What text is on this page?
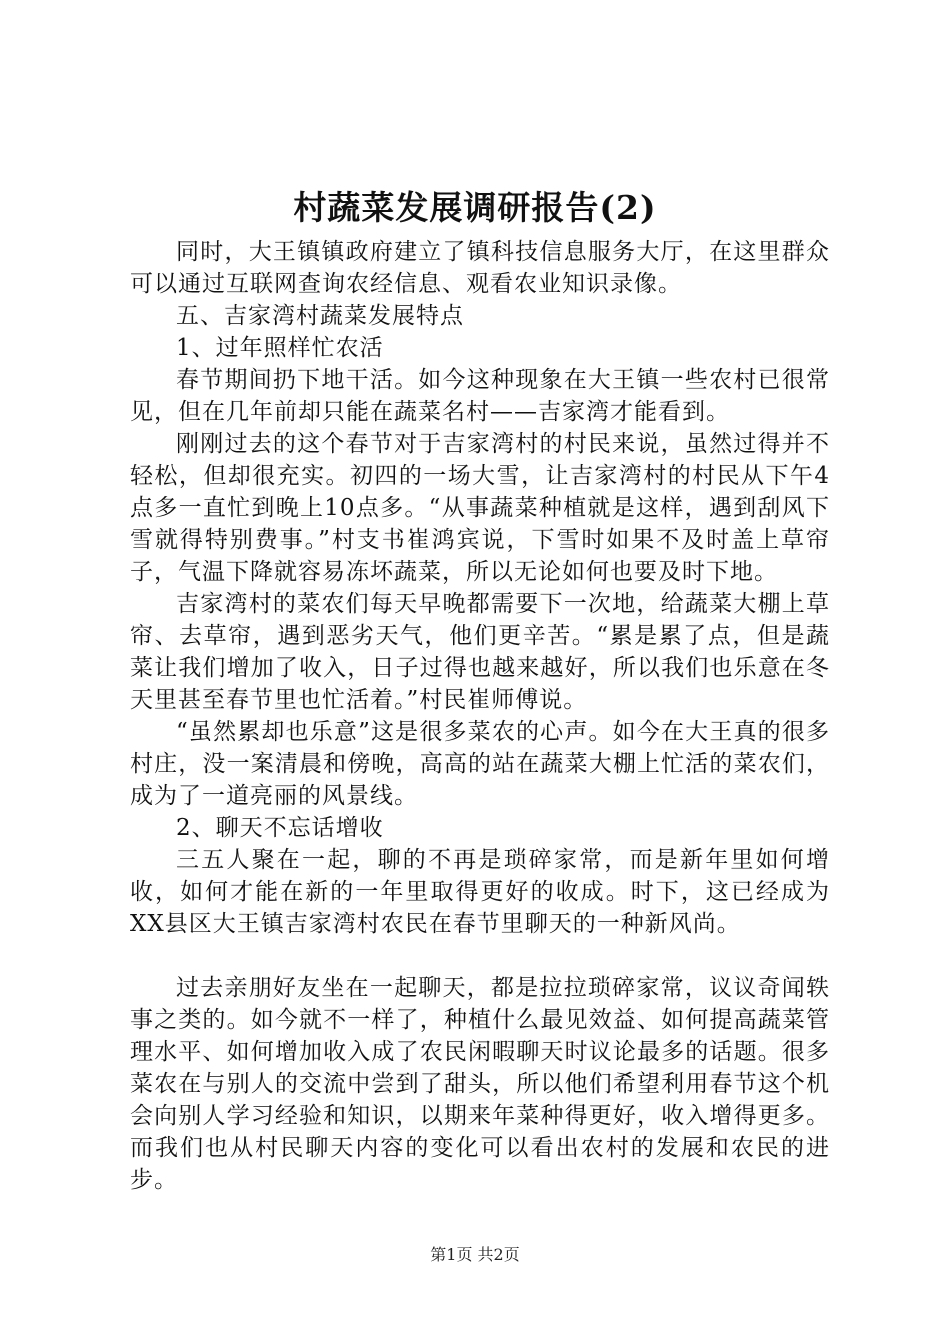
村蔬菜发展调研报告(2)

同时，大王镇镇政府建立了镇科技信息服务大厅，在这里群众可以通过互联网查询农经信息、观看农业知识录像。

五、吉家湾村蔬菜发展特点

1、过年照样忙农活

春节期间扔下地干活。如今这种现象在大王镇一些农村已很常见，但在几年前却只能在蔬菜名村——吉家湾才能看到。

刚刚过去的这个春节对于吉家湾村的村民来说，虽然过得并不轻松，但却很充实。初四的一场大雪，让吉家湾村的村民从下午4点多一直忙到晚上10点多。“从事蔬菜种植就是这样，遇到刮风下雪就得特别费事。”村支书崔鸿宾说，下雪时如果不及时盖上草帘子，气温下降就容易冻坏蔬菜，所以无论如何也要及时下地。

吉家湾村的菜农们每天早晚都需要下一次地，给蔬菜大棚上草帘、去草帘，遇到恶劣天气，他们更辛苦。“累是累了点，但是蔬菜让我们增加了收入，日子过得也越来越好，所以我们也乐意在冬天里甚至春节里也忙活着。”村民崔师傅说。

“虽然累却也乐意”这是很多菜农的心声。如今在大王真的很多村庄，没一案清晨和傍晚，高高的站在蔬菜大棚上忙活的菜农们，成为了一道亮丽的风景线。

2、聊天不忘话增收

三五人聚在一起，聊的不再是琐碎家常，而是新年里如何增收，如何才能在新的一年里取得更好的收成。时下，这已经成为XX县区大王镇吉家湾村农民在春节里聊天的一种新风尚。

过去亲朋好友坐在一起聊天，都是拉拉琐碎家常，议议奇闻轶事之类的。如今就不一样了，种植什么最见效益、如何提高蔬菜管理水平、如何增加收入成了农民闲暇聊天时议论最多的话题。很多菜农在与别人的交流中尝到了甜头，所以他们希望利用春节这个机会向别人学习经验和知识，以期来年菜种得更好，收入增得更多。而我们也从村民聊天内容的变化可以看出农村的发展和农民的进步。

第1页 共2页
